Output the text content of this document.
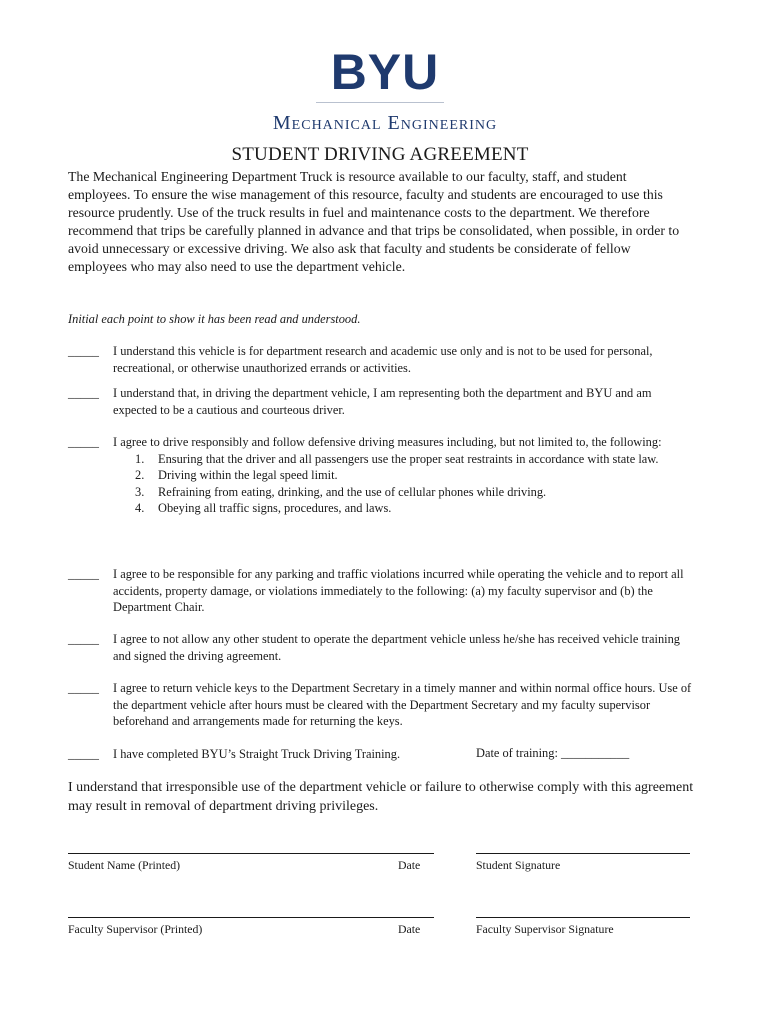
BYU
Mechanical Engineering
STUDENT DRIVING AGREEMENT
The Mechanical Engineering Department Truck is resource available to our faculty, staff, and student employees. To ensure the wise management of this resource, faculty and students are encouraged to use this resource prudently. Use of the truck results in fuel and maintenance costs to the department. We therefore recommend that trips be carefully planned in advance and that trips be consolidated, when possible, in order to avoid unnecessary or excessive driving. We also ask that faculty and students be considerate of fellow employees who may also need to use the department vehicle.
Initial each point to show it has been read and understood.
_____	I understand this vehicle is for department research and academic use only and is not to be used for personal, recreational, or otherwise unauthorized errands or activities.
_____	I understand that, in driving the department vehicle, I am representing both the department and BYU and am expected to be a cautious and courteous driver.
_____	I agree to drive responsibly and follow defensive driving measures including, but not limited to, the following:
1. Ensuring that the driver and all passengers use the proper seat restraints in accordance with state law.
2. Driving within the legal speed limit.
3. Refraining from eating, drinking, and the use of cellular phones while driving.
4. Obeying all traffic signs, procedures, and laws.
_____	I agree to be responsible for any parking and traffic violations incurred while operating the vehicle and to report all accidents, property damage, or violations immediately to the following: (a) my faculty supervisor and (b) the Department Chair.
_____	I agree to not allow any other student to operate the department vehicle unless he/she has received vehicle training and signed the driving agreement.
_____	I agree to return vehicle keys to the Department Secretary in a timely manner and within normal office hours. Use of the department vehicle after hours must be cleared with the Department Secretary and my faculty supervisor beforehand and arrangements made for returning the keys.
_____	I have completed BYU’s Straight Truck Driving Training.	Date of training: ___________
I understand that irresponsible use of the department vehicle or failure to otherwise comply with this agreement may result in removal of department driving privileges.
Student Name (Printed)	Date	Student Signature
Faculty Supervisor (Printed)	Date	Faculty Supervisor Signature
